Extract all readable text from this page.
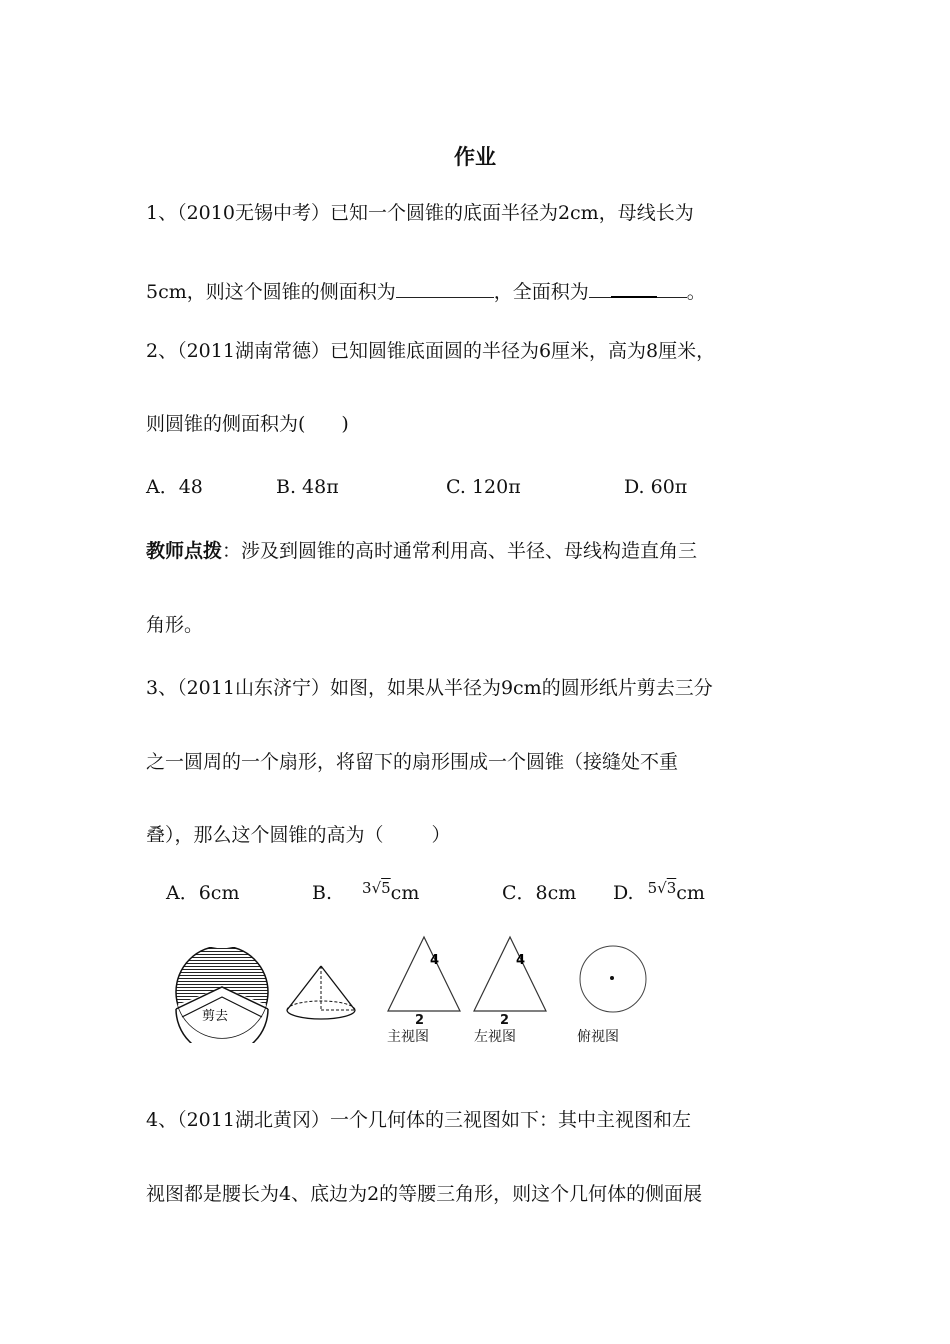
作业
1、（2010无锡中考）已知一个圆锥的底面半径为2cm，母线长为
5cm，则这个圆锥的侧面积为	，全面积为	。
2、（2011湖南常德）已知圆锥底面圆的半径为6厘米，高为8厘米，
则圆锥的侧面积为( )
A．48	B. 48π	C. 120π	D. 60π
教师点拨：涉及到圆锥的高时通常利用高、半径、母线构造直角三
角形。
3、（2011山东济宁）如图，如果从半径为9cm的圆形纸片剪去三分
之一圆周的一个扇形，将留下的扇形围成一个圆锥（接缝处不重
叠），那么这个圆锥的高为（	）
A．6cm	B. $^{3√5}$cm	C．8cm D. $^{5√3}$cm
剪去
4
2
主视图
4
2
左视图	俯视图
4、（2011湖北黄冈）一个几何体的三视图如下：其中主视图和左
视图都是腰长为4、底边为2的等腰三角形，则这个几何体的侧面展
